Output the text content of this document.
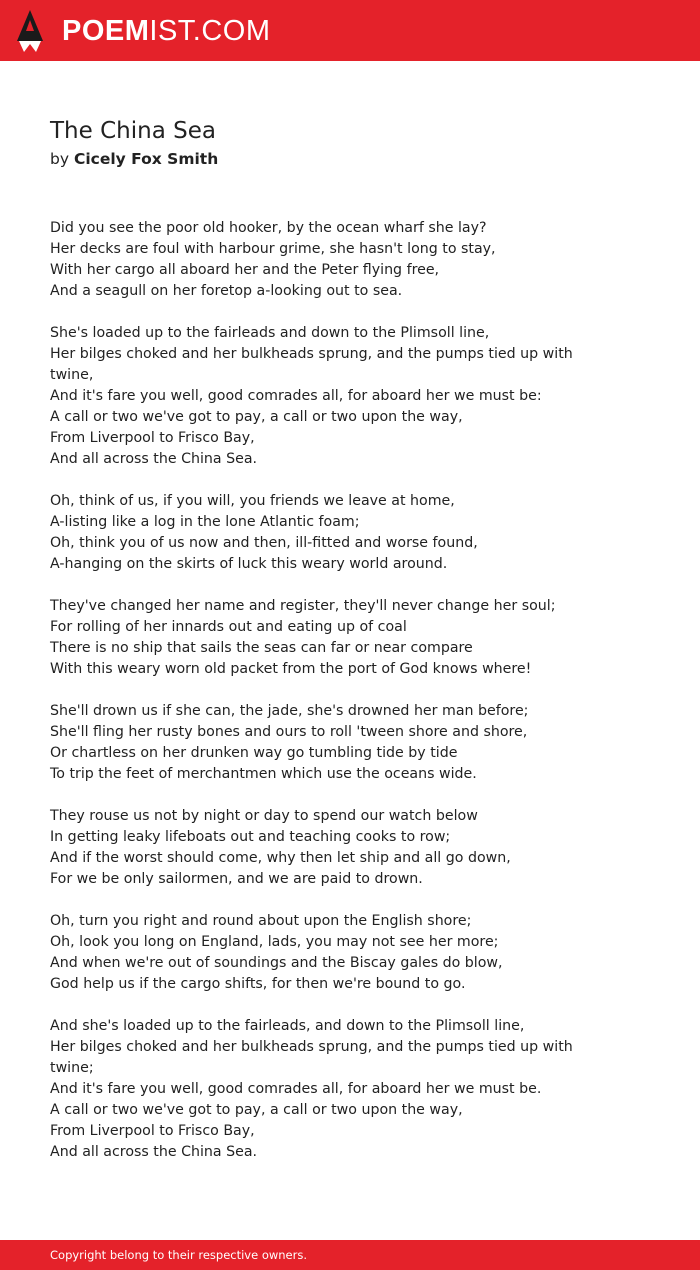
POEMIST.COM
The China Sea
by Cicely Fox Smith
Did you see the poor old hooker, by the ocean wharf she lay?
Her decks are foul with harbour grime, she hasn't long to stay,
With her cargo all aboard her and the Peter flying free,
And a seagull on her foretop a-looking out to sea.
She's loaded up to the fairleads and down to the Plimsoll line,
Her bilges choked and her bulkheads sprung, and the pumps tied up with
twine,
And it's fare you well, good comrades all, for aboard her we must be:
A call or two we've got to pay, a call or two upon the way,
From Liverpool to Frisco Bay,
And all across the China Sea.
Oh, think of us, if you will, you friends we leave at home,
A-listing like a log in the lone Atlantic foam;
Oh, think you of us now and then, ill-fitted and worse found,
A-hanging on the skirts of luck this weary world around.
They've changed her name and register, they'll never change her soul;
For rolling of her innards out and eating up of coal
There is no ship that sails the seas can far or near compare
With this weary worn old packet from the port of God knows where!
She'll drown us if she can, the jade, she's drowned her man before;
She'll fling her rusty bones and ours to roll 'tween shore and shore,
Or chartless on her drunken way go tumbling tide by tide
To trip the feet of merchantmen which use the oceans wide.
They rouse us not by night or day to spend our watch below
In getting leaky lifeboats out and teaching cooks to row;
And if the worst should come, why then let ship and all go down,
For we be only sailormen, and we are paid to drown.
Oh, turn you right and round about upon the English shore;
Oh, look you long on England, lads, you may not see her more;
And when we're out of soundings and the Biscay gales do blow,
God help us if the cargo shifts, for then we're bound to go.
And she's loaded up to the fairleads, and down to the Plimsoll line,
Her bilges choked and her bulkheads sprung, and the pumps tied up with
twine;
And it's fare you well, good comrades all, for aboard her we must be.
A call or two we've got to pay, a call or two upon the way,
From Liverpool to Frisco Bay,
And all across the China Sea.
Copyright belong to their respective owners.
